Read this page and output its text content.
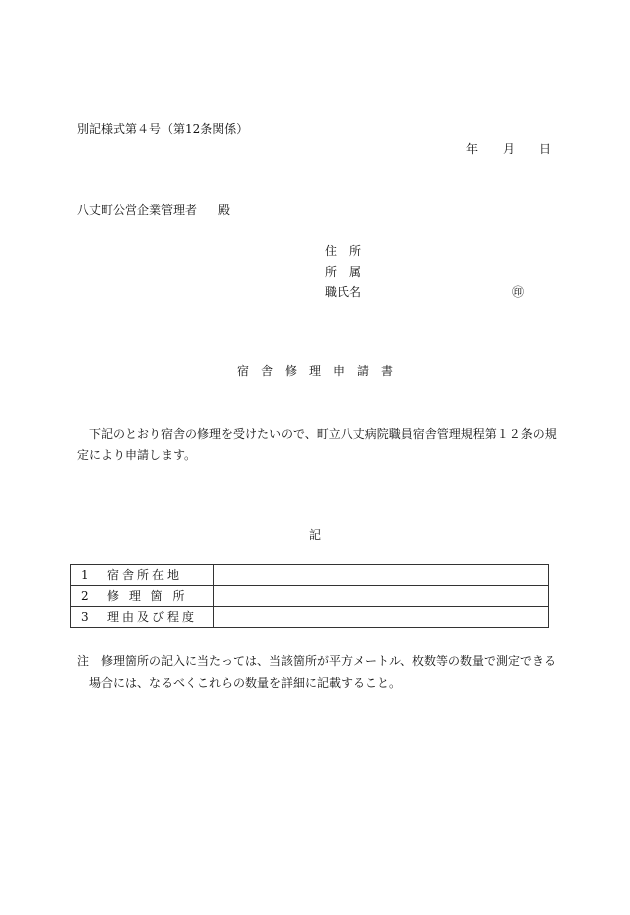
別記様式第４号（第12条関係）
年 月 日
八丈町公営企業管理者 殿
住　所
所　属
職氏名	㊞
宿舎修理申請書
下記のとおり宿舎の修理を受けたいので、町立八丈病院職員宿舎管理規程第１２条の規
定により申請します。
記
1 宿舎所在地	
2 修 理 箇 所	
3 理由及び程度	
注　修理箇所の記入に当たっては、当該箇所が平方メートル、枚数等の数量で測定できる
場合には、なるべくこれらの数量を詳細に記載すること。
